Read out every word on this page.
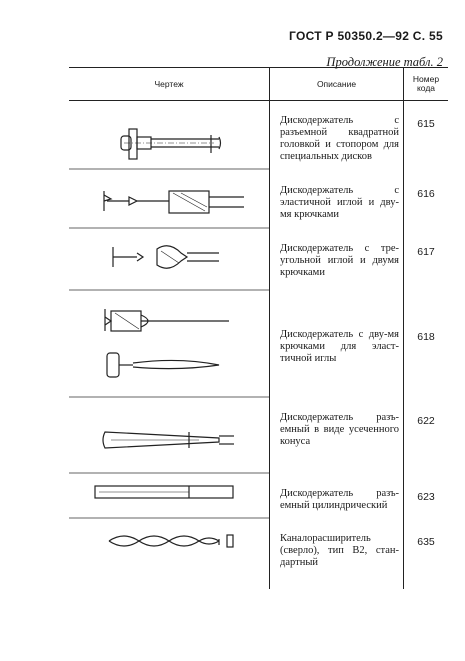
ГОСТ Р 50350.2—92 С. 55
Продолжение табл. 2
Чертеж	Описание	Номер кода

Дискодержатель с разъемной квадратной головкой и стопором для специальных дисков	615

Дискодержатель с эластичной иглой и дву-мя крючками	616

Дискодержатель с тре-угольной иглой и двумя крючками	617

Дискодержатель с дву-мя крючками для эласт-тичной иглы	618

Дискодержатель разъ-емный в виде усеченного конуса	622

Дискодержатель разъ-емный цилиндрический	623

Каналорасширитель (сверло), тип В2, стан-дартный	635
